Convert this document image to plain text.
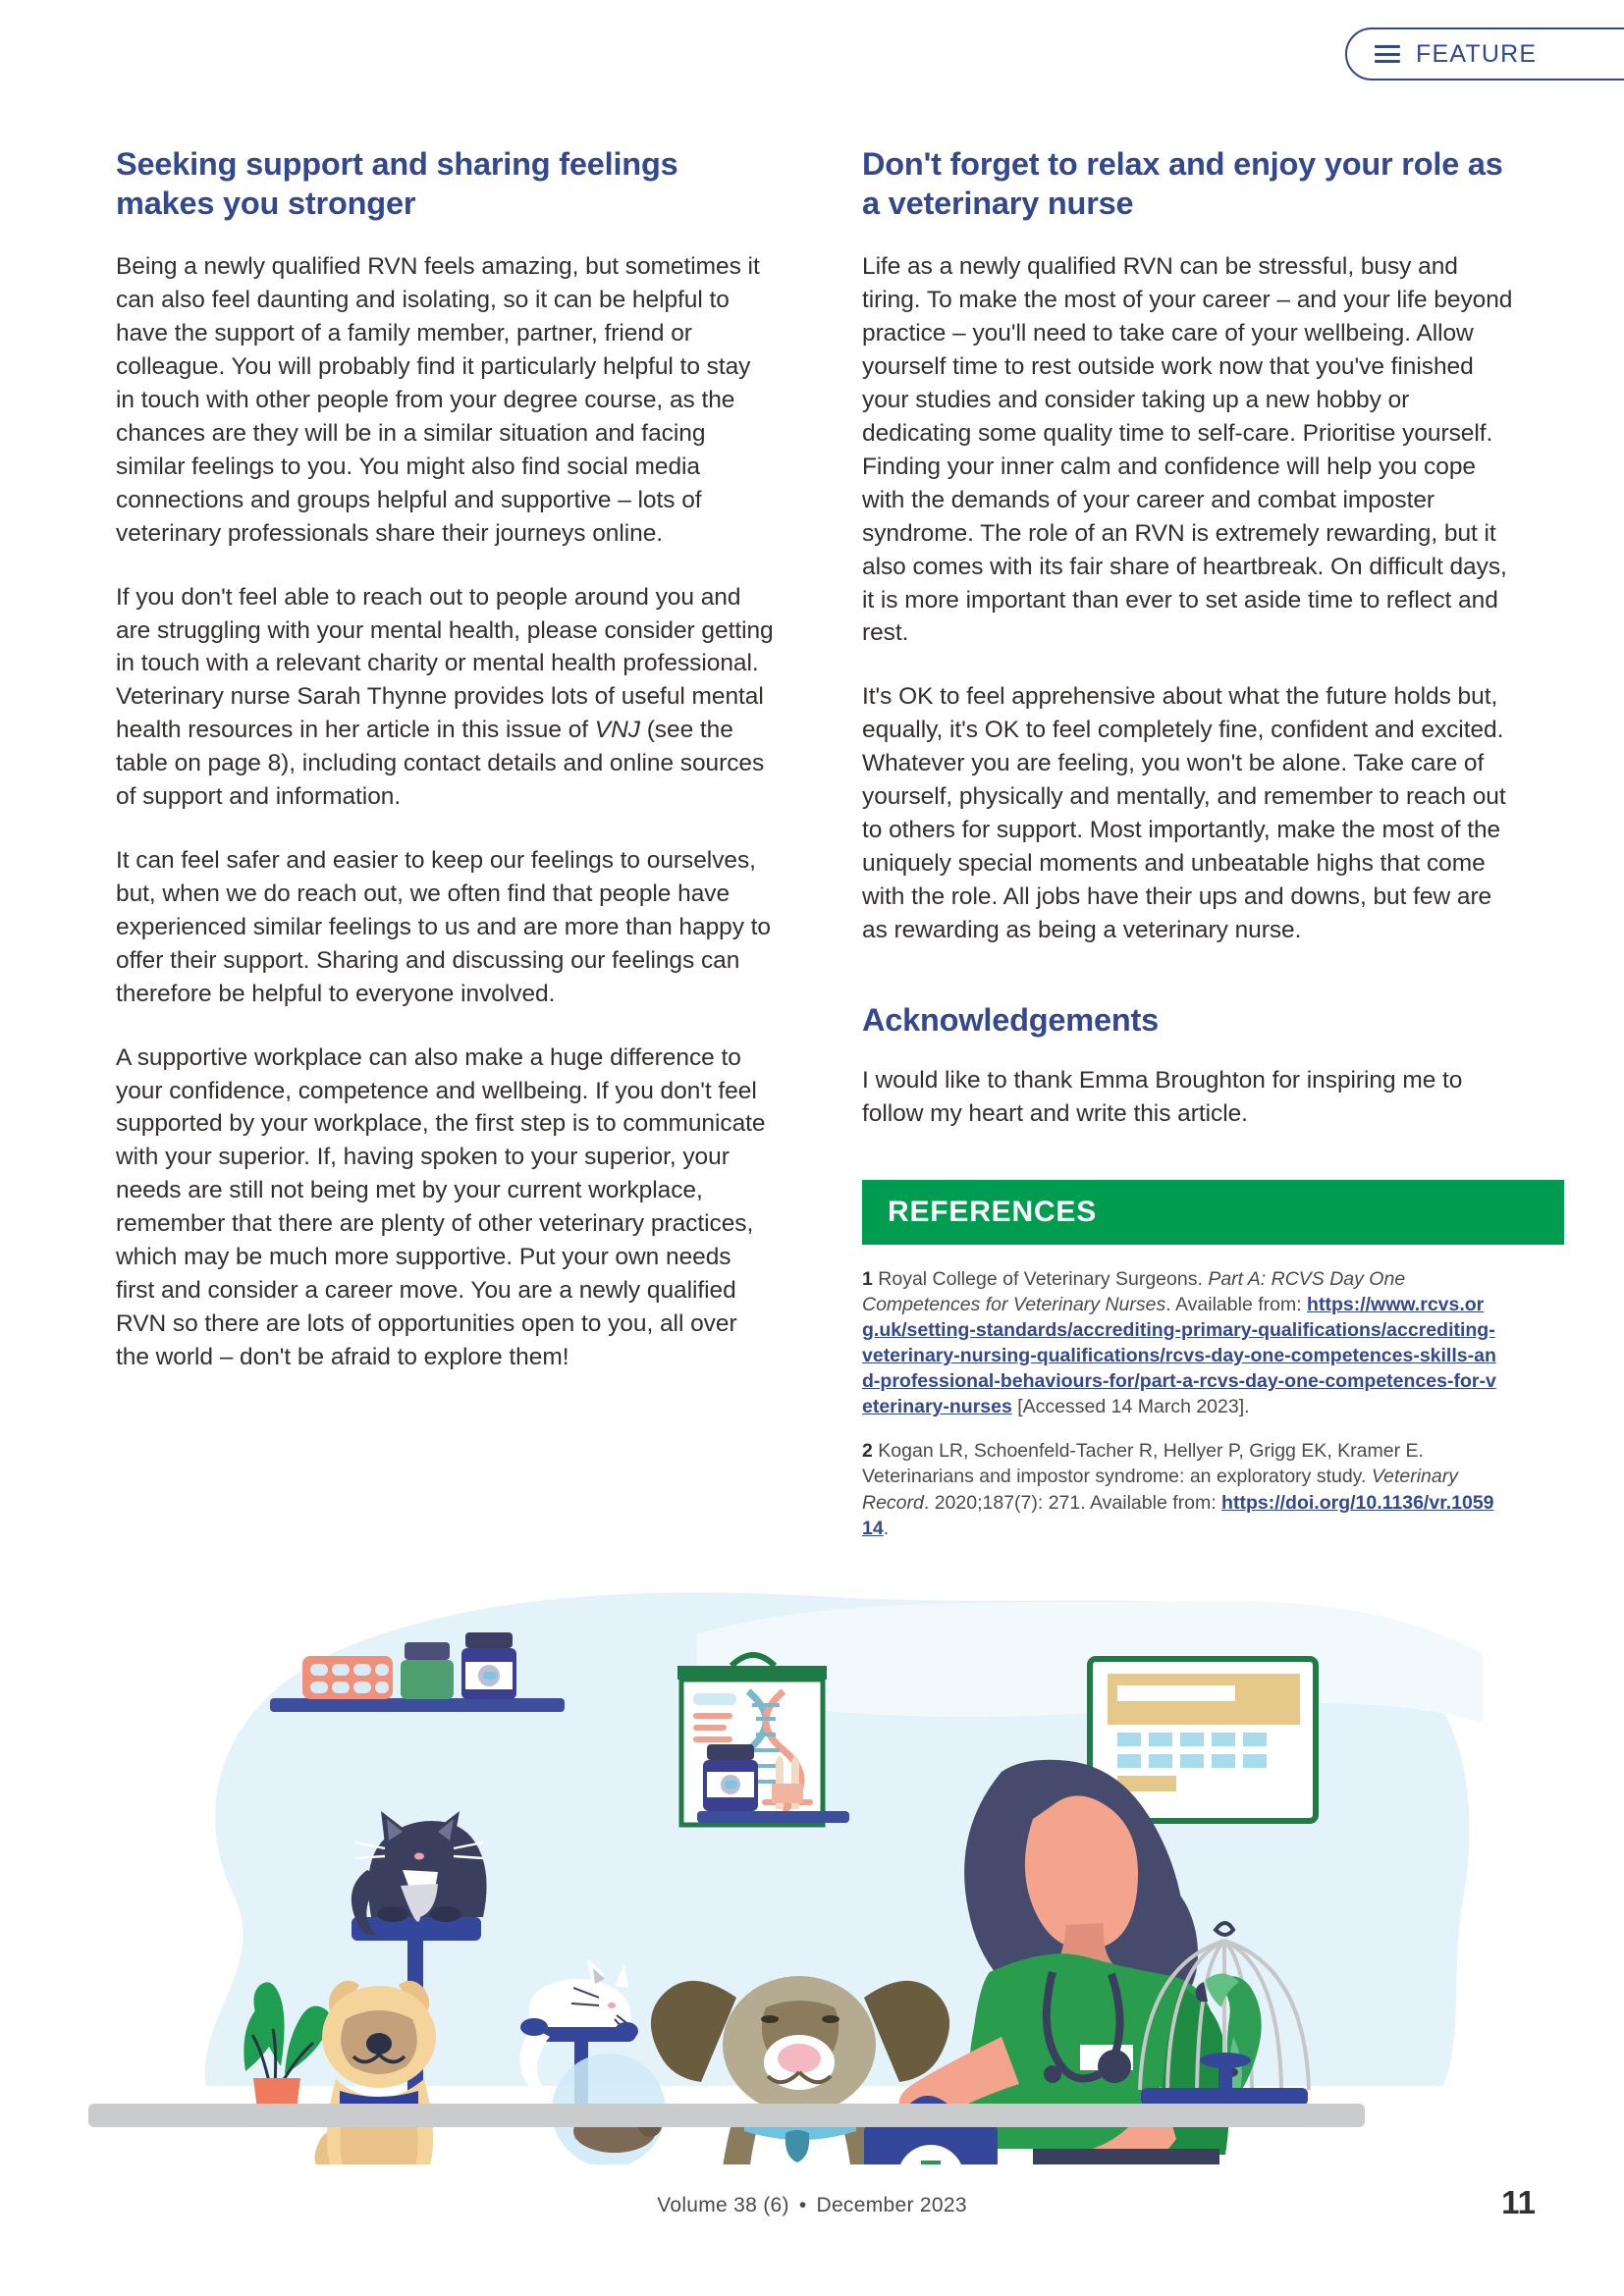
FEATURE
Seeking support and sharing feelings makes you stronger

Being a newly qualified RVN feels amazing, but sometimes it can also feel daunting and isolating, so it can be helpful to have the support of a family member, partner, friend or colleague. You will probably find it particularly helpful to stay in touch with other people from your degree course, as the chances are they will be in a similar situation and facing similar feelings to you. You might also find social media connections and groups helpful and supportive – lots of veterinary professionals share their journeys online.

If you don't feel able to reach out to people around you and are struggling with your mental health, please consider getting in touch with a relevant charity or mental health professional. Veterinary nurse Sarah Thynne provides lots of useful mental health resources in her article in this issue of VNJ (see the table on page 8), including contact details and online sources of support and information.

It can feel safer and easier to keep our feelings to ourselves, but, when we do reach out, we often find that people have experienced similar feelings to us and are more than happy to offer their support. Sharing and discussing our feelings can therefore be helpful to everyone involved.

A supportive workplace can also make a huge difference to your confidence, competence and wellbeing. If you don't feel supported by your workplace, the first step is to communicate with your superior. If, having spoken to your superior, your needs are still not being met by your current workplace, remember that there are plenty of other veterinary practices, which may be much more supportive. Put your own needs first and consider a career move. You are a newly qualified RVN so there are lots of opportunities open to you, all over the world – don't be afraid to explore them!

Don't forget to relax and enjoy your role as a veterinary nurse

Life as a newly qualified RVN can be stressful, busy and tiring. To make the most of your career – and your life beyond practice – you'll need to take care of your wellbeing. Allow yourself time to rest outside work now that you've finished your studies and consider taking up a new hobby or dedicating some quality time to self-care. Prioritise yourself. Finding your inner calm and confidence will help you cope with the demands of your career and combat imposter syndrome. The role of an RVN is extremely rewarding, but it also comes with its fair share of heartbreak. On difficult days, it is more important than ever to set aside time to reflect and rest.

It's OK to feel apprehensive about what the future holds but, equally, it's OK to feel completely fine, confident and excited. Whatever you are feeling, you won't be alone. Take care of yourself, physically and mentally, and remember to reach out to others for support. Most importantly, make the most of the uniquely special moments and unbeatable highs that come with the role. All jobs have their ups and downs, but few are as rewarding as being a veterinary nurse.

Acknowledgements

I would like to thank Emma Broughton for inspiring me to follow my heart and write this article.

REFERENCES
1 Royal College of Veterinary Surgeons. Part A: RCVS Day One Competences for Veterinary Nurses. Available from: https://www.rcvs.org.uk/setting-standards/accrediting-primary-qualifications/accrediting-veterinary-nursing-qualifications/rcvs-day-one-competences-skills-and-professional-behaviours-for/part-a-rcvs-day-one-competences-for-veterinary-nurses [Accessed 14 March 2023].
2 Kogan LR, Schoenfeld-Tacher R, Hellyer P, Grigg EK, Kramer E. Veterinarians and impostor syndrome: an exploratory study. Veterinary Record. 2020;187(7): 271. Available from: https://doi.org/10.1136/vr.105914.
Volume 38 (6) • December 2023	11
